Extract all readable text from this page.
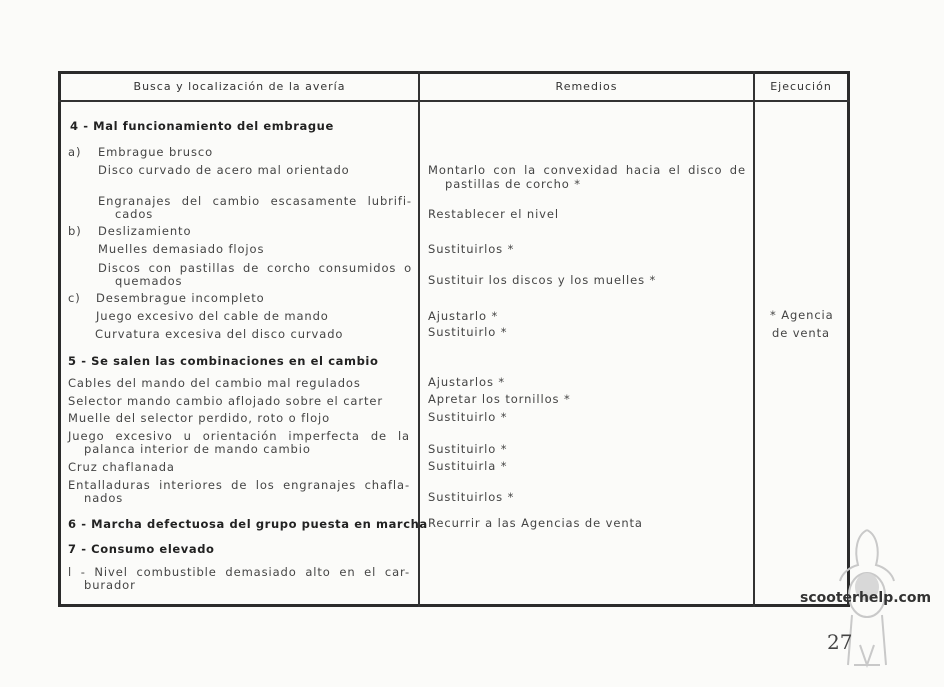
Busca y localización de la avería	Remedios	Ejecución
4 - Mal funcionamiento del embrague
a) Embrague brusco
Disco curvado de acero mal orientado	Montarlo con la convexidad hacia el disco de
pastillas de corcho *
Engranajes del cambio escasamente lubrifi-
cados	Restablecer el nivel
b) Deslizamiento
Muelles demasiado flojos	Sustituirlos *
Discos con pastillas de corcho consumidos o
quemados	Sustituir los discos y los muelles *
c) Desembrague incompleto
Juego excesivo del cable de mando	Ajustarlo *
Curvatura excesiva del disco curvado	Sustituirlo *
* Agencia
de venta
5 - Se salen las combinaciones en el cambio
Cables del mando del cambio mal regulados	Ajustarlos *
Selector mando cambio aflojado sobre el carter	Apretar los tornillos *
Muelle del selector perdido, roto o flojo	Sustituirlo *
Juego excesivo u orientación imperfecta de la
palanca interior de mando cambio	Sustituirlo *
Cruz chaflanada	Sustituirla *
Entalladuras interiores de los engranajes chafla-
nados	Sustituirlos *
6 - Marcha defectuosa del grupo puesta en marcha Recurrir a las Agencias de venta
7 - Consumo elevado
l - Nivel combustible demasiado alto en el car-
burador
scooterhelp.com
27
